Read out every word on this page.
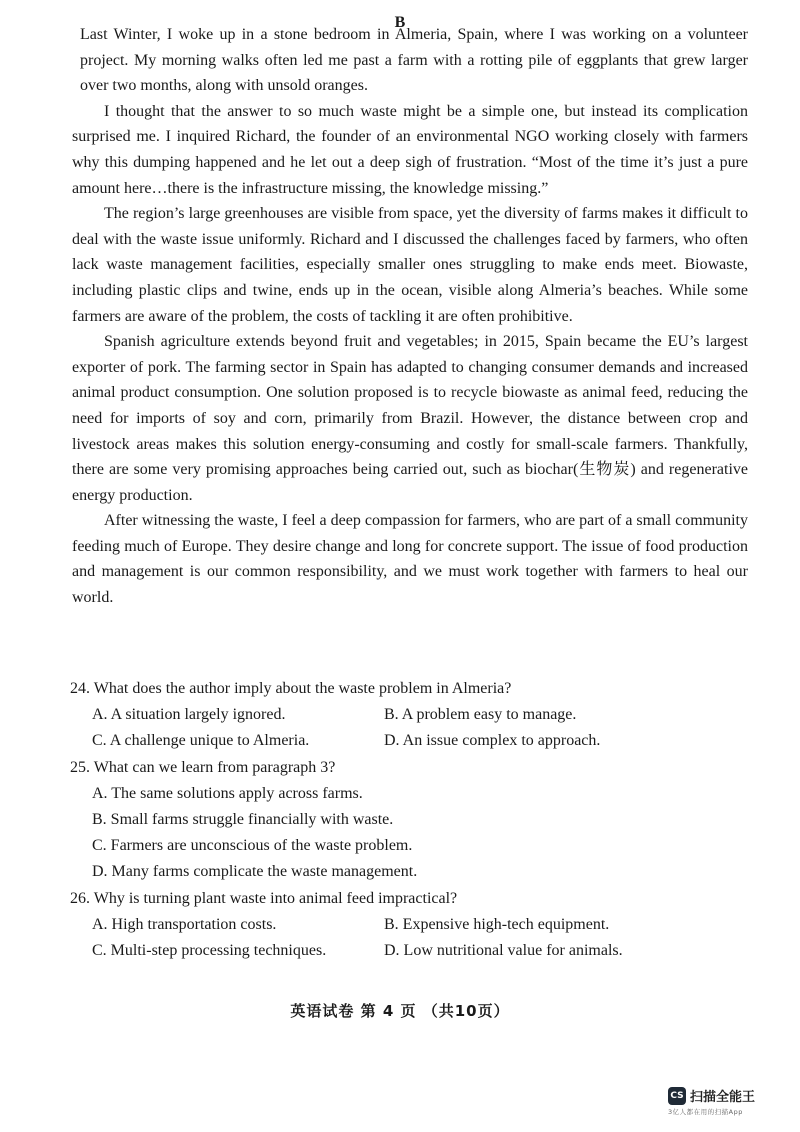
B

Last Winter, I woke up in a stone bedroom in Almeria, Spain, where I was working on a volunteer project. My morning walks often led me past a farm with a rotting pile of eggplants that grew larger over two months, along with unsold oranges.

I thought that the answer to so much waste might be a simple one, but instead its complication surprised me. I inquired Richard, the founder of an environmental NGO working closely with farmers why this dumping happened and he let out a deep sigh of frustration. “Most of the time it’s just a pure amount here…there is the infrastructure missing, the knowledge missing.”

The region’s large greenhouses are visible from space, yet the diversity of farms makes it difficult to deal with the waste issue uniformly. Richard and I discussed the challenges faced by farmers, who often lack waste management facilities, especially smaller ones struggling to make ends meet. Biowaste, including plastic clips and twine, ends up in the ocean, visible along Almeria’s beaches. While some farmers are aware of the problem, the costs of tackling it are often prohibitive.

Spanish agriculture extends beyond fruit and vegetables; in 2015, Spain became the EU’s largest exporter of pork. The farming sector in Spain has adapted to changing consumer demands and increased animal product consumption. One solution proposed is to recycle biowaste as animal feed, reducing the need for imports of soy and corn, primarily from Brazil. However, the distance between crop and livestock areas makes this solution energy-consuming and costly for small-scale farmers. Thankfully, there are some very promising approaches being carried out, such as biochar(生物炭) and regenerative energy production.

After witnessing the waste, I feel a deep compassion for farmers, who are part of a small community feeding much of Europe. They desire change and long for concrete support. The issue of food production and management is our common responsibility, and we must work together with farmers to heal our world.

24. What does the author imply about the waste problem in Almeria?

A. A situation largely ignored.	B. A problem easy to manage.

C. A challenge unique to Almeria.	D. An issue complex to approach.

25. What can we learn from paragraph 3?

A. The same solutions apply across farms.

B. Small farms struggle financially with waste.

C. Farmers are unconscious of the waste problem.

D. Many farms complicate the waste management.

26. Why is turning plant waste into animal feed impractical?

A. High transportation costs.	B. Expensive high-tech equipment.

C. Multi-step processing techniques.	D. Low nutritional value for animals.

英语试卷 第 4 页 （共10页）
CS 扫描全能王
3亿人都在用的扫描App
